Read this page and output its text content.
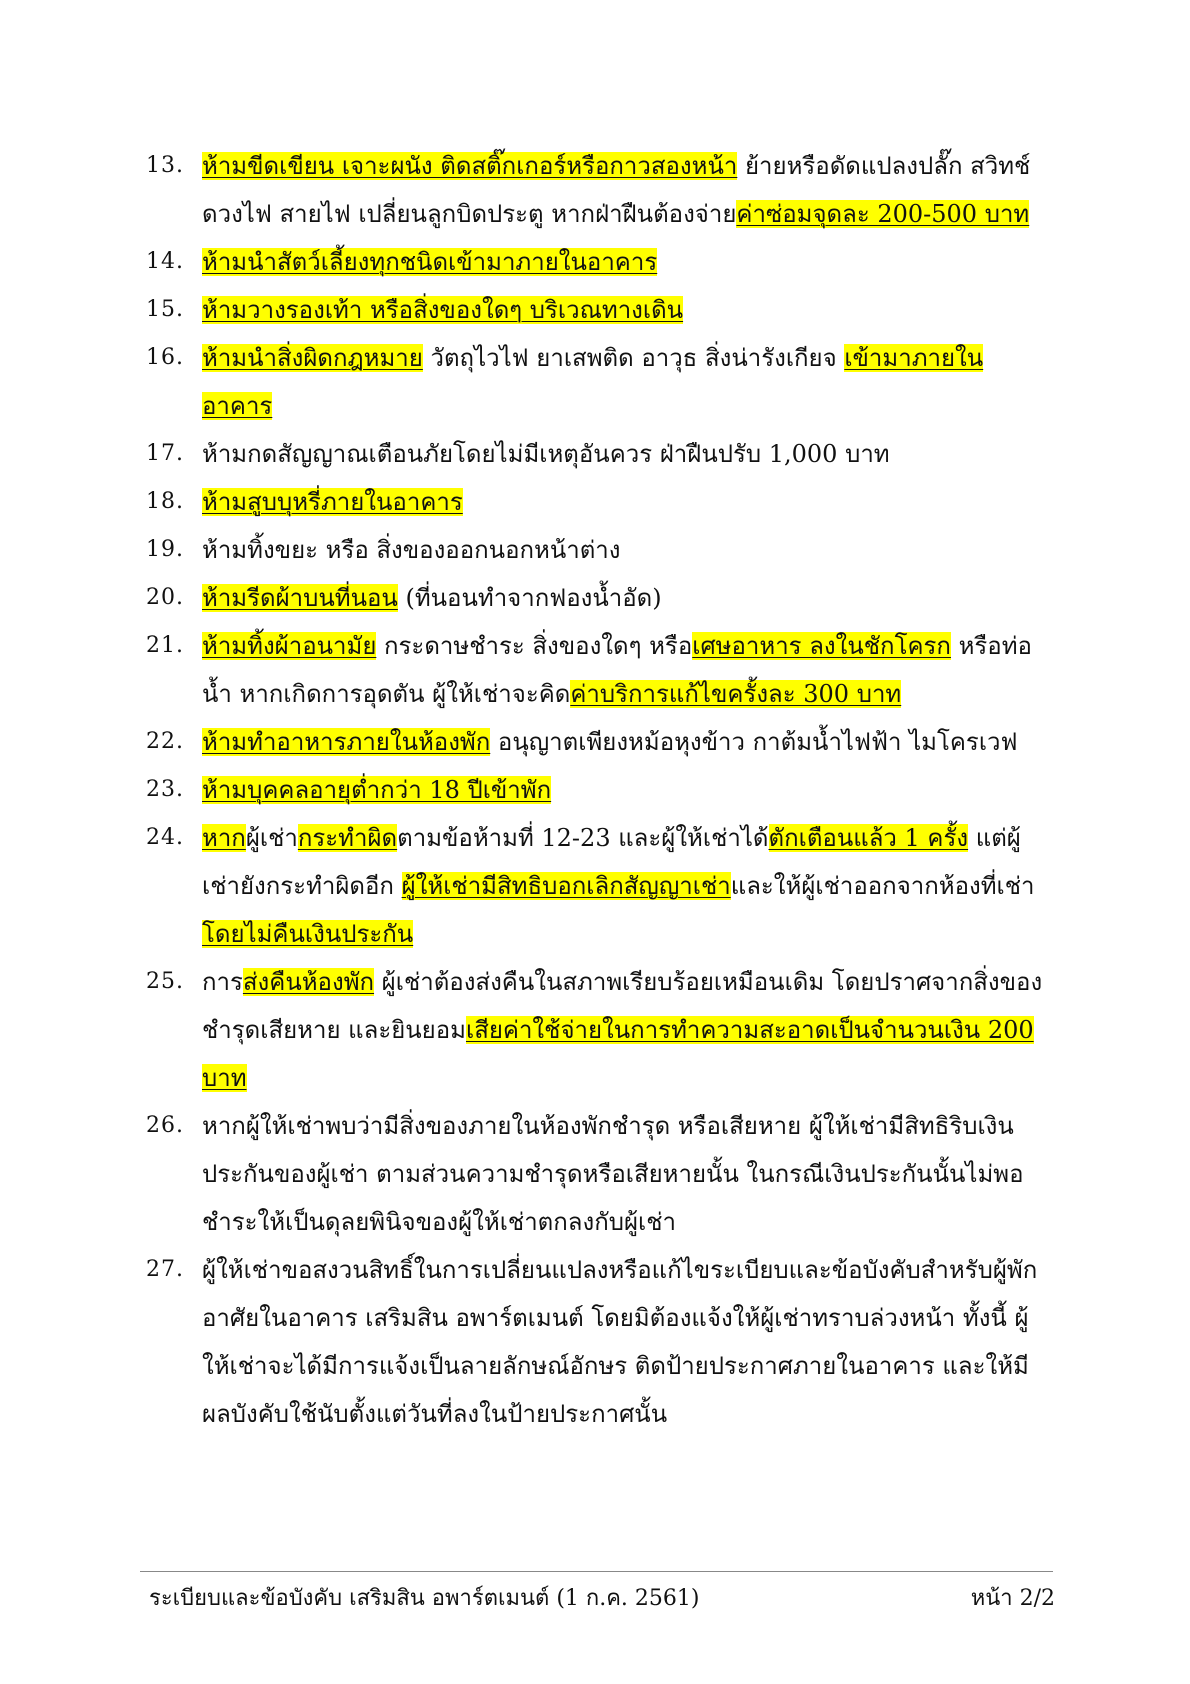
13. ห้ามขีดเขียน เจาะผนัง ติดสติ๊กเกอร์หรือกาวสองหน้า ย้ายหรือดัดแปลงปลั๊ก สวิทช์ ดวงไฟ สายไฟ เปลี่ยนลูกบิดประตู หากฝ่าฝืนต้องจ่ายค่าซ่อมจุดละ 200-500 บาท

14. ห้ามนำสัตว์เลี้ยงทุกชนิดเข้ามาภายในอาคาร

15. ห้ามวางรองเท้า หรือสิ่งของใดๆ บริเวณทางเดิน

16. ห้ามนำสิ่งผิดกฎหมาย วัตถุไวไฟ ยาเสพติด อาวุธ สิ่งน่ารังเกียจ เข้ามาภายในอาคาร

17. ห้ามกดสัญญาณเตือนภัยโดยไม่มีเหตุอันควร ฝ่าฝืนปรับ 1,000 บาท

18. ห้ามสูบบุหรี่ภายในอาคาร

19. ห้ามทิ้งขยะ หรือ สิ่งของออกนอกหน้าต่าง

20. ห้ามรีดผ้าบนที่นอน (ที่นอนทำจากฟองน้ำอัด)

21. ห้ามทิ้งผ้าอนามัย กระดาษชำระ สิ่งของใดๆ หรือเศษอาหาร ลงในชักโครก หรือท่อน้ำ หากเกิดการอุดตัน ผู้ให้เช่าจะคิดค่าบริการแก้ไขครั้งละ 300 บาท

22. ห้ามทำอาหารภายในห้องพัก อนุญาตเพียงหม้อหุงข้าว กาต้มน้ำไฟฟ้า ไมโครเวฟ

23. ห้ามบุคคลอายุต่ำกว่า 18 ปีเข้าพัก

24. หากผู้เช่ากระทำผิดตามข้อห้ามที่ 12-23 และผู้ให้เช่าได้ตักเตือนแล้ว 1 ครั้ง แต่ผู้เช่ายังกระทำผิดอีก ผู้ให้เช่ามีสิทธิบอกเลิกสัญญาเช่าและให้ผู้เช่าออกจากห้องที่เช่าโดยไม่คืนเงินประกัน

25. การส่งคืนห้องพัก ผู้เช่าต้องส่งคืนในสภาพเรียบร้อยเหมือนเดิม โดยปราศจากสิ่งของชำรุดเสียหาย และยินยอมเสียค่าใช้จ่ายในการทำความสะอาดเป็นจำนวนเงิน 200 บาท

26. หากผู้ให้เช่าพบว่ามีสิ่งของภายในห้องพักชำรุด หรือเสียหาย ผู้ให้เช่ามีสิทธิริบเงินประกันของผู้เช่า ตามส่วนความชำรุดหรือเสียหายนั้น ในกรณีเงินประกันนั้นไม่พอชำระให้เป็นดุลยพินิจของผู้ให้เช่าตกลงกับผู้เช่า

27. ผู้ให้เช่าขอสงวนสิทธิ์ในการเปลี่ยนแปลงหรือแก้ไขระเบียบและข้อบังคับสำหรับผู้พักอาศัยในอาคาร เสริมสิน อพาร์ตเมนต์ โดยมิต้องแจ้งให้ผู้เช่าทราบล่วงหน้า ทั้งนี้ ผู้ให้เช่าจะได้มีการแจ้งเป็นลายลักษณ์อักษร ติดป้ายประกาศภายในอาคาร และให้มีผลบังคับใช้นับตั้งแต่วันที่ลงในป้ายประกาศนั้น

ระเบียบและข้อบังคับ เสริมสิน อพาร์ตเมนต์ (1 ก.ค. 2561)	หน้า 2/2
